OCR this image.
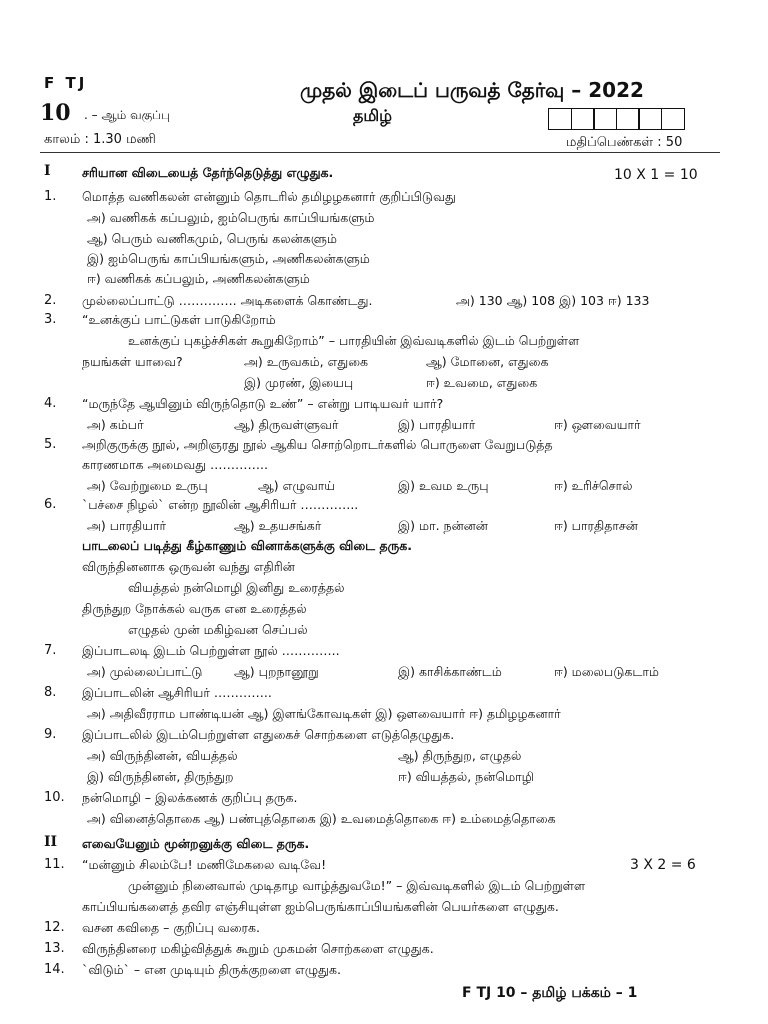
F TJ	முதல் இடைப் பருவத் தேர்வு – 2022
10 . – ஆம் வகுப்பு	தமிழ்
காலம் : 1.30 மணி	மதிப்பெண்கள் : 50
I	சரியான விடையைத் தேர்ந்தெடுத்து எழுதுக.	10 X 1 = 10
1. மொத்த வணிகலன் என்னும் தொடரில் தமிழழகனார் குறிப்பிடுவது
அ) வணிகக் கப்பலும், ஐம்பெருங் காப்பியங்களும்
ஆ) பெரும் வணிகமும், பெருங் கலன்களும்
இ) ஐம்பெருங் காப்பியங்களும், அணிகலன்களும்
ஈ) வணிகக் கப்பலும், அணிகலன்களும்
2. முல்லைப்பாட்டு ………….. அடிகளைக் கொண்டது.	அ) 130 ஆ) 108 இ) 103 ஈ) 133
3. “உனக்குப் பாட்டுகள் பாடுகிறோம்
உனக்குப் புகழ்ச்சிகள் கூறுகிறோம்” – பாரதியின் இவ்வடிகளில் இடம் பெற்றுள்ள
நயங்கள் யாவை?	அ) உருவகம், எதுகை	ஆ) மோனை, எதுகை
இ) முரண், இயைபு	ஈ) உவமை, எதுகை
4. “மருந்தே ஆயினும் விருந்தொடு உண்” – என்று பாடியவர் யார்?
அ) கம்பர்	ஆ) திருவள்ளுவர்	இ) பாரதியார்	ஈ) ஔவையார்
5. அறிகுருக்கு நூல், அறிஞரது நூல் ஆகிய சொற்றொடர்களில் பொருளை வேறுபடுத்த
காரணமாக அமைவது …………..
அ) வேற்றுமை உருபு	ஆ) எழுவாய்	இ) உவம உருபு	ஈ) உரிச்சொல்
6. `பச்சை நிழல்` என்ற நூலின் ஆசிரியர் …………..
அ) பாரதியார்	ஆ) உதயசங்கர்	இ) மா. நன்னன்	ஈ) பாரதிதாசன்
பாடலைப் படித்து கீழ்காணும் வினாக்களுக்கு விடை தருக.
விருந்தினனாக ஒருவன் வந்து எதிரின்
வியத்தல் நன்மொழி இனிது உரைத்தல்
திருந்துற நோக்கல் வருக என உரைத்தல்
எழுதல் முன் மகிழ்வன செப்பல்
7. இப்பாடலடி இடம் பெற்றுள்ள நூல் …………..
அ) முல்லைப்பாட்டு	ஆ) புறநானூறு	இ) காசிக்காண்டம்	ஈ) மலைபடுகடாம்
8. இப்பாடலின் ஆசிரியர் …………..
அ) அதிவீரராம பாண்டியன் ஆ) இளங்கோவடிகள் இ) ஔவையார் ஈ) தமிழழகனார்
9. இப்பாடலில் இடம்பெற்றுள்ள எதுகைச் சொற்களை எடுத்தெழுதுக.
அ) விருந்தினன், வியத்தல்	ஆ) திருந்துற, எழுதல்
இ) விருந்தினன், திருந்துற	ஈ) வியத்தல், நன்மொழி
10. நன்மொழி – இலக்கணக் குறிப்பு தருக.
அ) வினைத்தொகை ஆ) பண்புத்தொகை இ) உவமைத்தொகை ஈ) உம்மைத்தொகை
II எவையேனும் மூன்றனுக்கு விடை தருக.
11. “மன்னும் சிலம்பே! மணிமேகலை வடிவே!	3 X 2 = 6
முன்னும் நினைவால் முடிதாழ வாழ்த்துவமே!” – இவ்வடிகளில் இடம் பெற்றுள்ள
காப்பியங்களைத் தவிர எஞ்சியுள்ள ஐம்பெருங்காப்பியங்களின் பெயர்களை எழுதுக.
12. வசன கவிதை – குறிப்பு வரைக.
13. விருந்தினரை மகிழ்வித்துக் கூறும் முகமன் சொற்களை எழுதுக.
14. `விடும்` – என முடியும் திருக்குறளை எழுதுக.
F TJ 10 – தமிழ் பக்கம் – 1
